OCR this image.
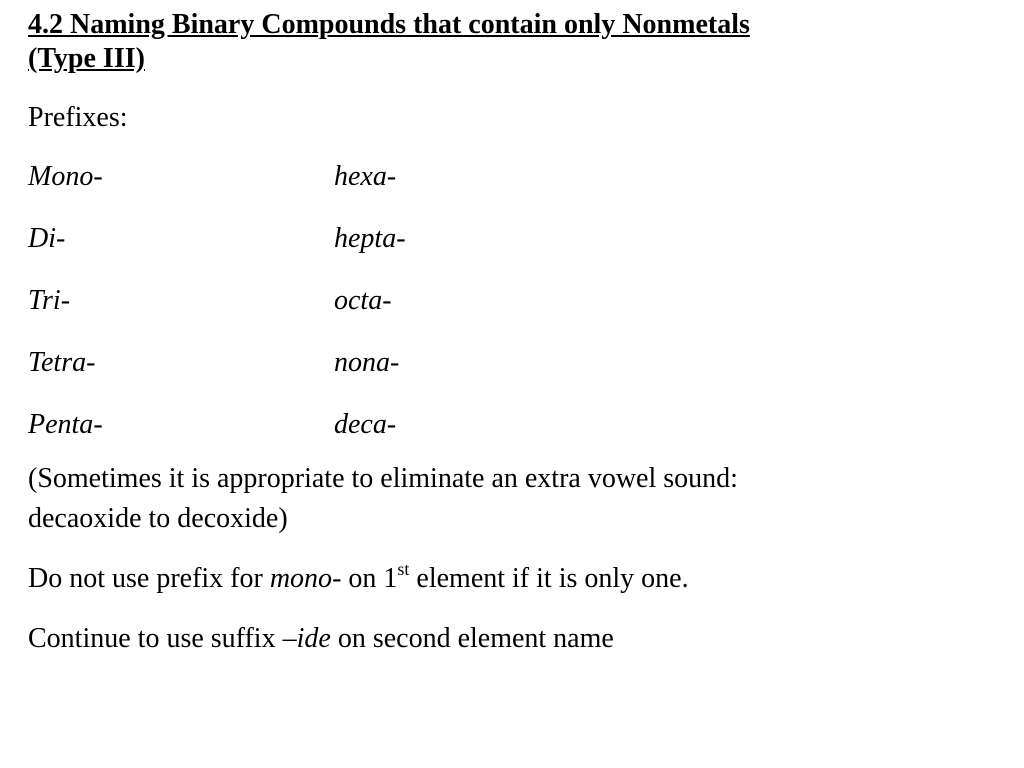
4.2 Naming Binary Compounds that contain only Nonmetals
(Type III)

Prefixes:

Mono-	hexa-
Di-	hepta-
Tri-	octa-
Tetra-	nona-
Penta-	deca-

(Sometimes it is appropriate to eliminate an extra vowel sound:
decaoxide to decoxide)

Do not use prefix for mono- on 1st element if it is only one.

Continue to use suffix –ide on second element name
